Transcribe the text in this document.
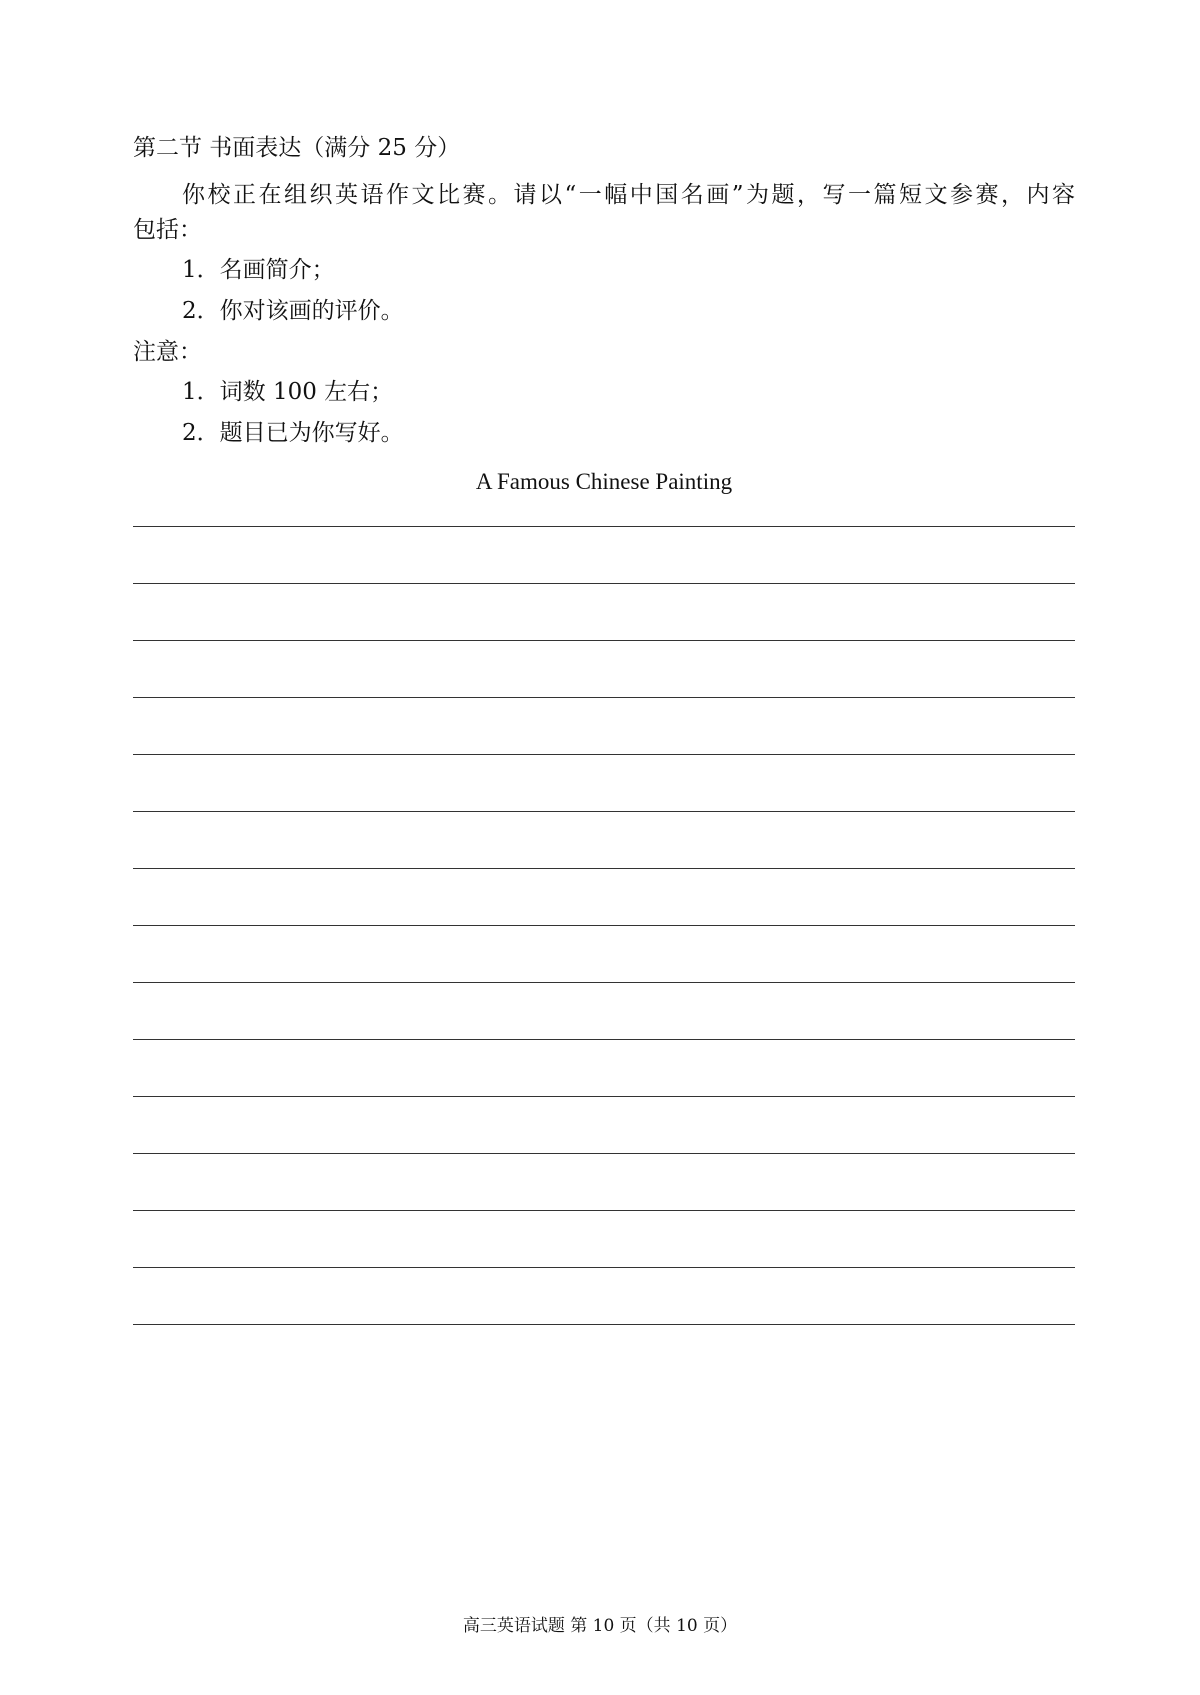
第二节 书面表达（满分 25 分）
你校正在组织英语作文比赛。请以“一幅中国名画”为题，写一篇短文参赛，内容
包括：
1．名画简介；
2．你对该画的评价。
注意：
1．词数 100 左右；
2．题目已为你写好。
A Famous Chinese Painting
高三英语试题 第 10 页（共 10 页）
